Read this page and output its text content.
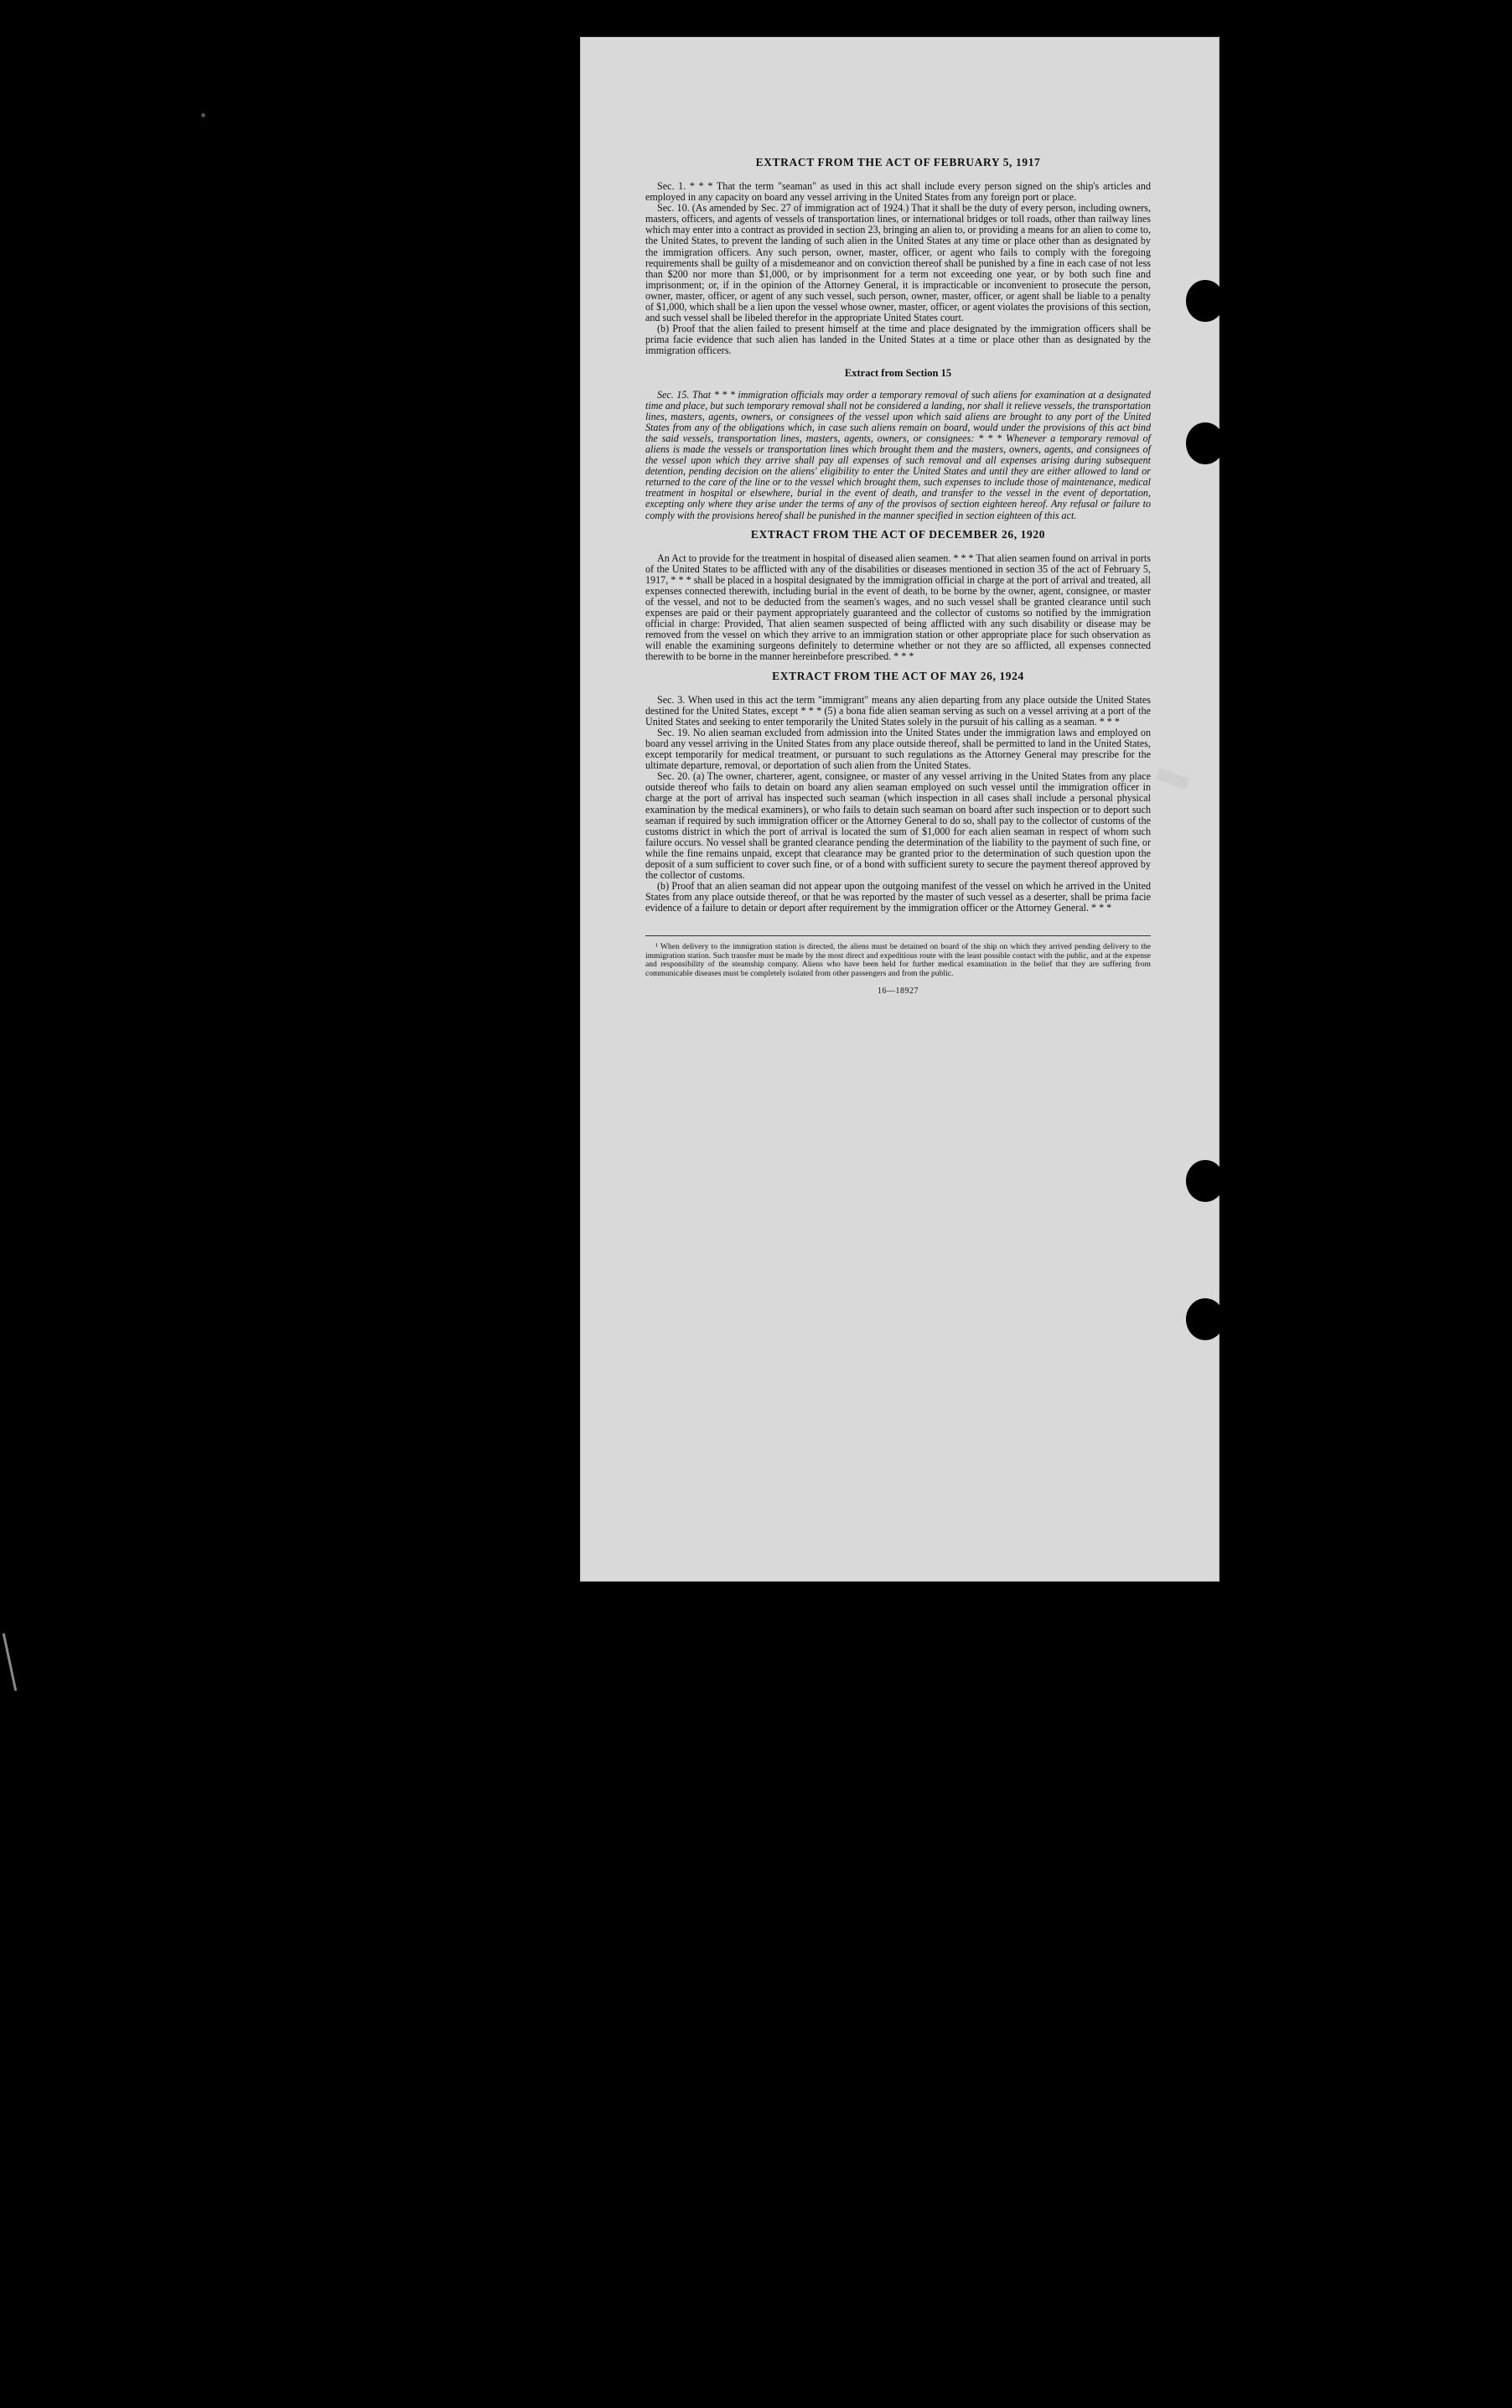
EXTRACT FROM THE ACT OF FEBRUARY 5, 1917

Sec. 1. * * * That the term "seaman" as used in this act shall include every person signed on the ship's articles and employed in any capacity on board any vessel arriving in the United States from any foreign port or place.

Sec. 10. (As amended by Sec. 27 of immigration act of 1924.) That it shall be the duty of every person, including owners, masters, officers, and agents of vessels of transportation lines, or international bridges or toll roads, other than railway lines which may enter into a contract as provided in section 23, bringing an alien to, or providing a means for an alien to come to, the United States, to prevent the landing of such alien in the United States at any time or place other than as designated by the immigration officers. Any such person, owner, master, officer, or agent who fails to comply with the foregoing requirements shall be guilty of a misdemeanor and on conviction thereof shall be punished by a fine in each case of not less than $200 nor more than $1,000, or by imprisonment for a term not exceeding one year, or by both such fine and imprisonment; or, if in the opinion of the Attorney General, it is impracticable or inconvenient to prosecute the person, owner, master, officer, or agent of any such vessel, such person, owner, master, officer, or agent shall be liable to a penalty of $1,000, which shall be a lien upon the vessel whose owner, master, officer, or agent violates the provisions of this section, and such vessel shall be libeled therefor in the appropriate United States court.

(b) Proof that the alien failed to present himself at the time and place designated by the immigration officers shall be prima facie evidence that such alien has landed in the United States at a time or place other than as designated by the immigration officers.

Extract from Section 15

Sec. 15. That * * * immigration officials may order a temporary removal of such aliens for examination at a designated time and place, but such temporary removal shall not be considered a landing, nor shall it relieve vessels, the transportation lines, masters, agents, owners, or consignees of the vessel upon which said aliens are brought to any port of the United States from any of the obligations which, in case such aliens remain on board, would under the provisions of this act bind the said vessels, transportation lines, masters, agents, owners, or consignees: * * * Whenever a temporary removal of aliens is made the vessels or transportation lines which brought them and the masters, owners, agents, and consignees of the vessel upon which they arrive shall pay all expenses of such removal and all expenses arising during subsequent detention, pending decision on the aliens' eligibility to enter the United States and until they are either allowed to land or returned to the care of the line or to the vessel which brought them, such expenses to include those of maintenance, medical treatment in hospital or elsewhere, burial in the event of death, and transfer to the vessel in the event of deportation, excepting only where they arise under the terms of any of the provisos of section eighteen hereof. Any refusal or failure to comply with the provisions hereof shall be punished in the manner specified in section eighteen of this act.

EXTRACT FROM THE ACT OF DECEMBER 26, 1920

An Act to provide for the treatment in hospital of diseased alien seamen. * * * That alien seamen found on arrival in ports of the United States to be afflicted with any of the disabilities or diseases mentioned in section 35 of the act of February 5, 1917, * * * shall be placed in a hospital designated by the immigration official in charge at the port of arrival and treated, all expenses connected therewith, including burial in the event of death, to be borne by the owner, agent, consignee, or master of the vessel, and not to be deducted from the seamen's wages, and no such vessel shall be granted clearance until such expenses are paid or their payment appropriately guaranteed and the collector of customs so notified by the immigration official in charge: Provided, That alien seamen suspected of being afflicted with any such disability or disease may be removed from the vessel on which they arrive to an immigration station or other appropriate place for such observation as will enable the examining surgeons definitely to determine whether or not they are so afflicted, all expenses connected therewith to be borne in the manner hereinbefore prescribed. * * *

EXTRACT FROM THE ACT OF MAY 26, 1924

Sec. 3. When used in this act the term "immigrant" means any alien departing from any place outside the United States destined for the United States, except * * * (5) a bona fide alien seaman serving as such on a vessel arriving at a port of the United States and seeking to enter temporarily the United States solely in the pursuit of his calling as a seaman. * * *

Sec. 19. No alien seaman excluded from admission into the United States under the immigration laws and employed on board any vessel arriving in the United States from any place outside thereof, shall be permitted to land in the United States, except temporarily for medical treatment, or pursuant to such regulations as the Attorney General may prescribe for the ultimate departure, removal, or deportation of such alien from the United States.

Sec. 20. (a) The owner, charterer, agent, consignee, or master of any vessel arriving in the United States from any place outside thereof who fails to detain on board any alien seaman employed on such vessel until the immigration officer in charge at the port of arrival has inspected such seaman (which inspection in all cases shall include a personal physical examination by the medical examiners), or who fails to detain such seaman on board after such inspection or to deport such seaman if required by such immigration officer or the Attorney General to do so, shall pay to the collector of customs of the customs district in which the port of arrival is located the sum of $1,000 for each alien seaman in respect of whom such failure occurs. No vessel shall be granted clearance pending the determination of the liability to the payment of such fine, or while the fine remains unpaid, except that clearance may be granted prior to the determination of such question upon the deposit of a sum sufficient to cover such fine, or of a bond with sufficient surety to secure the payment thereof approved by the collector of customs.

(b) Proof that an alien seaman did not appear upon the outgoing manifest of the vessel on which he arrived in the United States from any place outside thereof, or that he was reported by the master of such vessel as a deserter, shall be prima facie evidence of a failure to detain or deport after requirement by the immigration officer or the Attorney General. * * *

¹ When delivery to the immigration station is directed, the aliens must be detained on board of the ship on which they arrived pending delivery to the immigration station. Such transfer must be made by the most direct and expeditious route with the least possible contact with the public, and at the expense and responsibility of the steamship company. Aliens who have been held for further medical examination in the belief that they are suffering from communicable diseases must be completely isolated from other passengers and from the public.

16—18927
